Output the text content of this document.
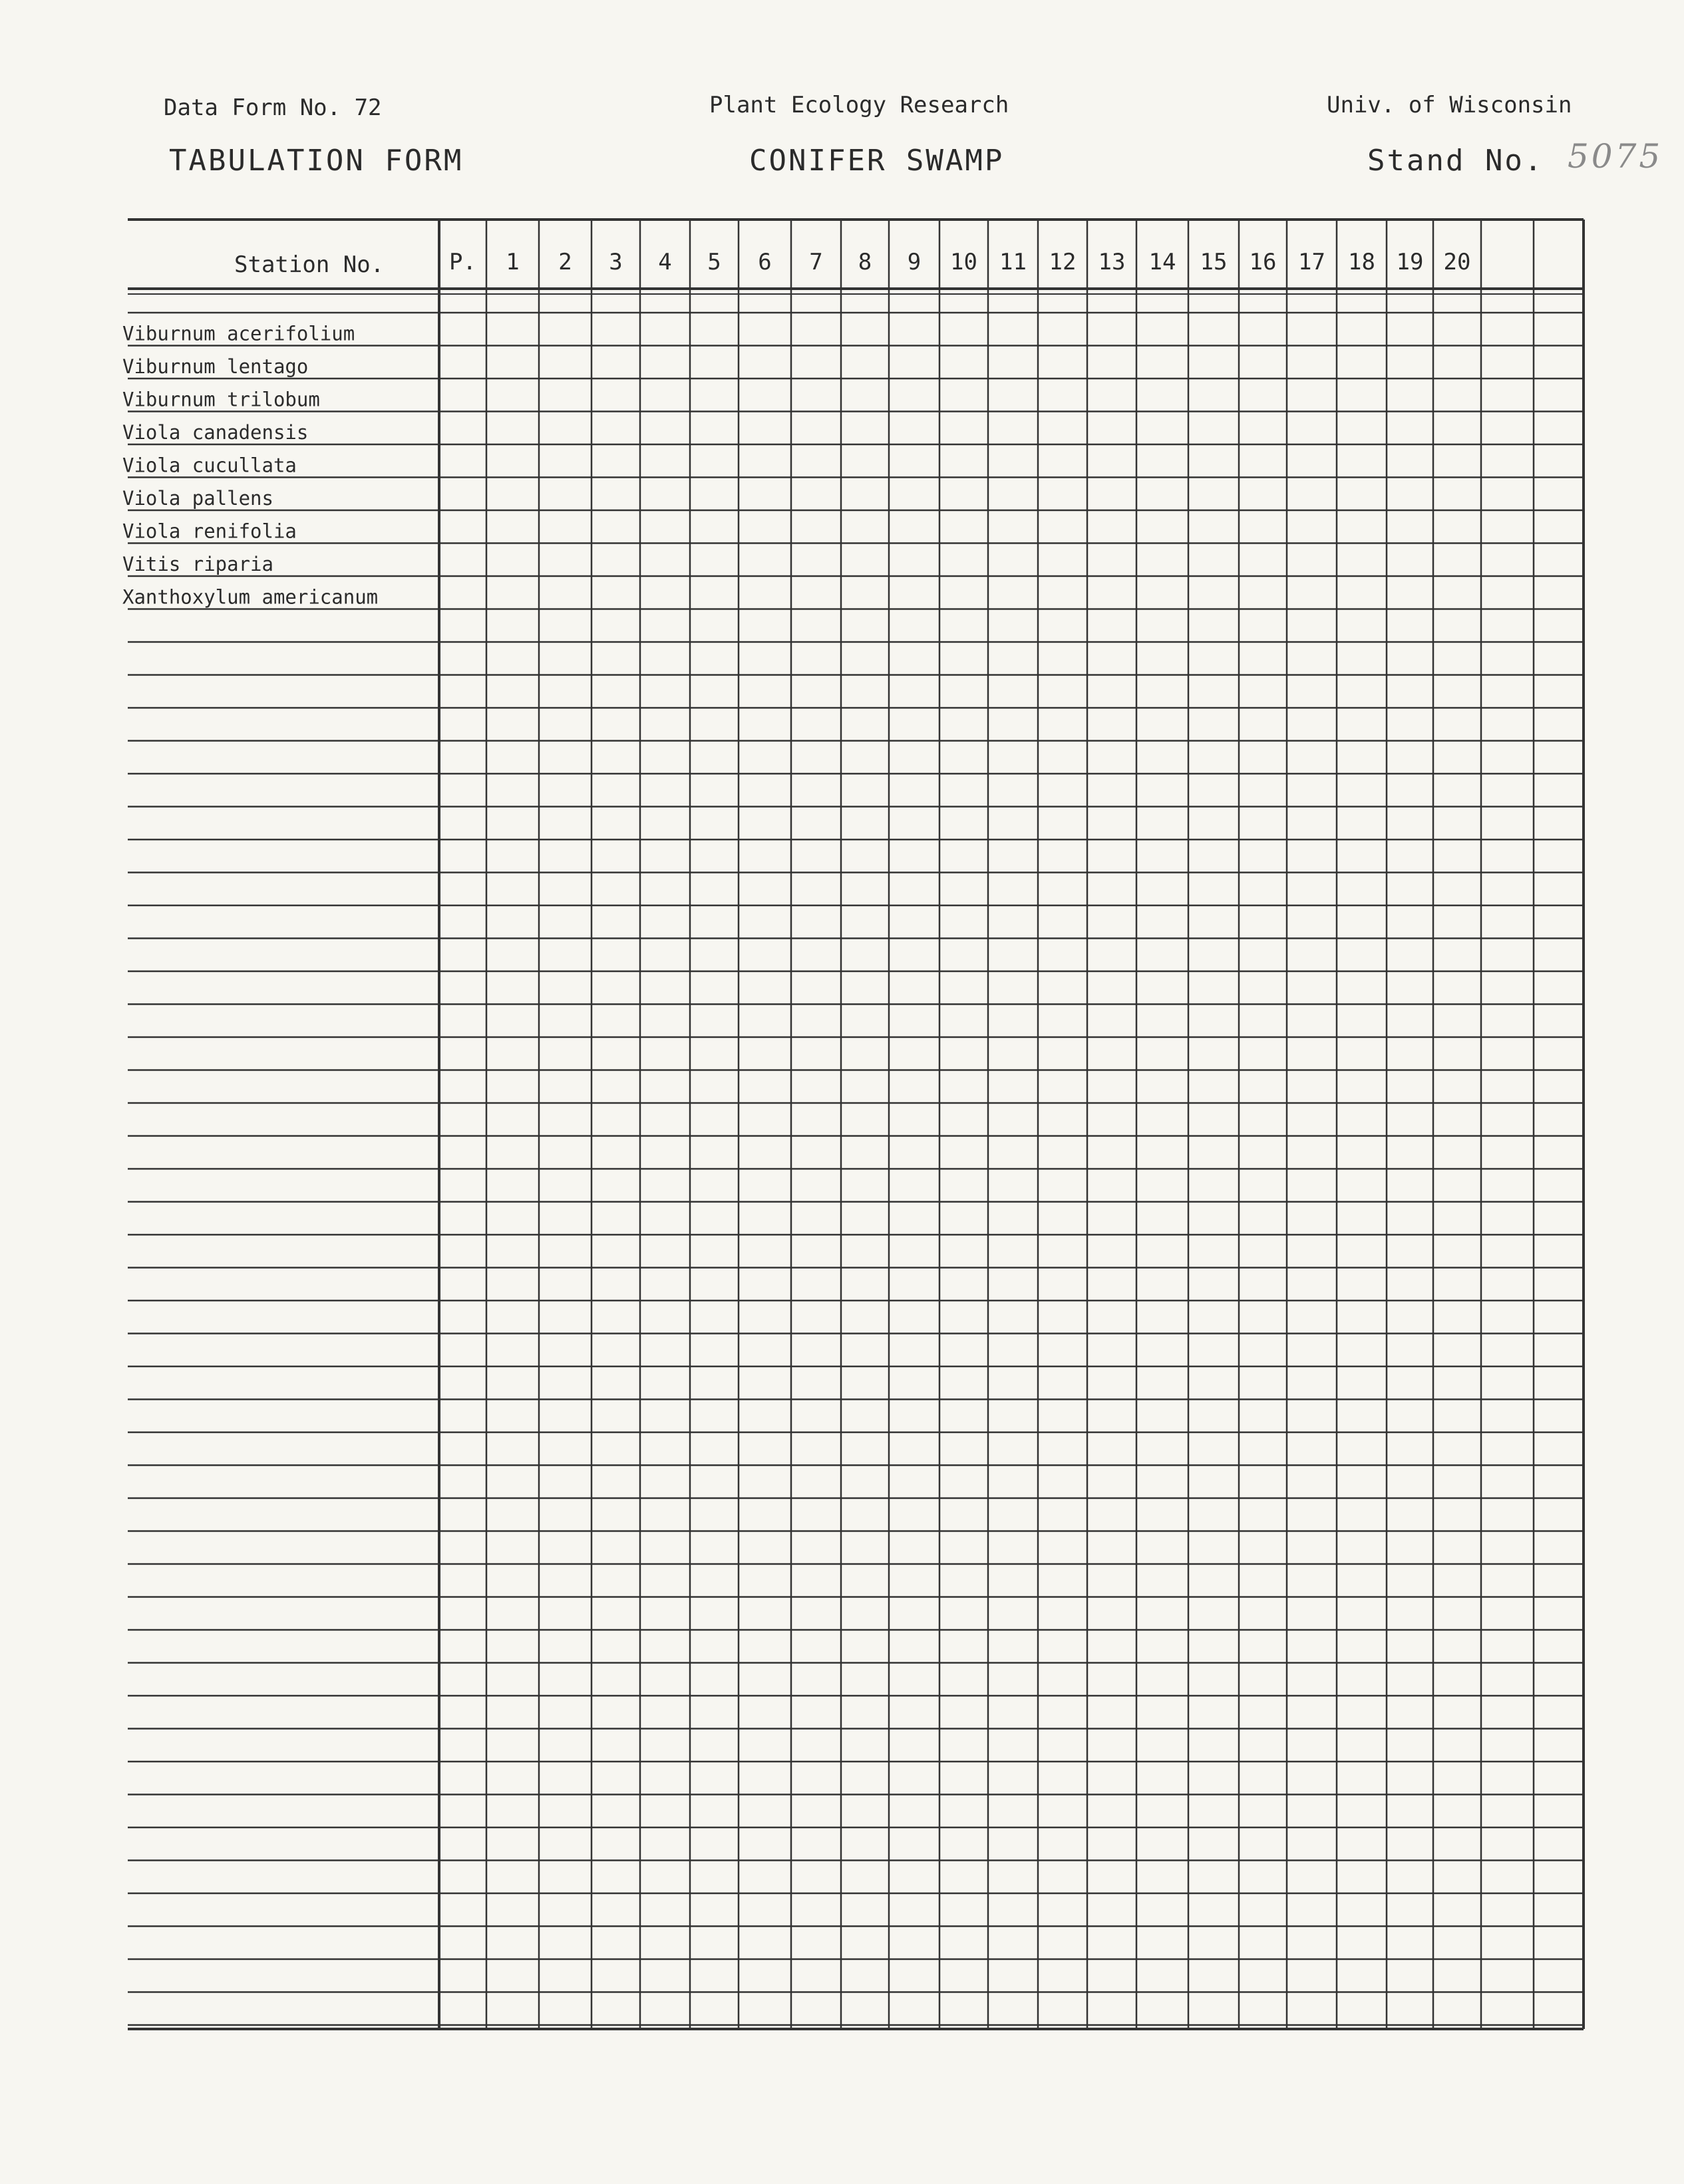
Data Form No. 72	Plant Ecology Research	Univ. of Wisconsin
TABULATION FORM	CONIFER SWAMP	Stand No. 5075
Station No.	P. 1 2 3 4 5 6 7 8 9 10 11 12 13 14 15 16 17 18 19 20
Viburnum acerifolium
Viburnum lentago
Viburnum trilobum
Viola canadensis
Viola cucullata
Viola pallens
Viola renifolia
Vitis riparia
Xanthoxylum americanum
